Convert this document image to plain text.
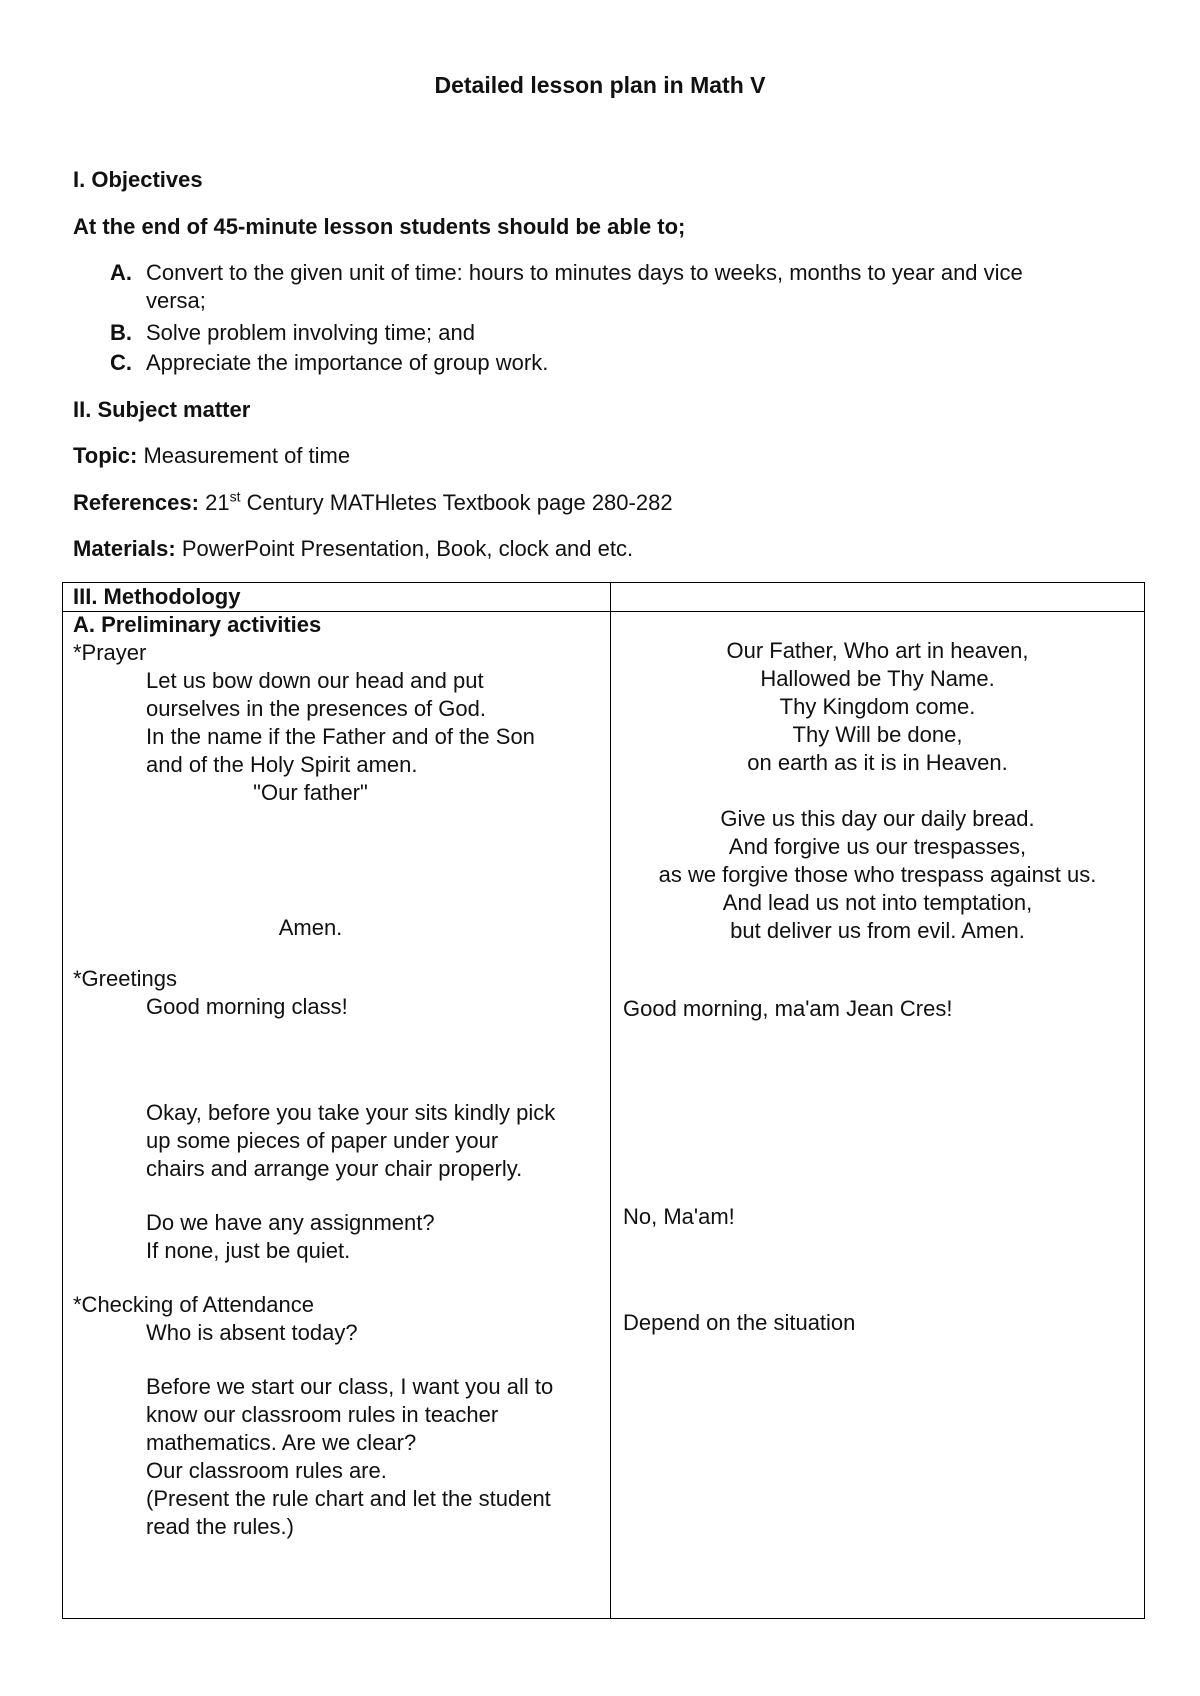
Detailed lesson plan in Math V
I. Objectives
At the end of 45-minute lesson students should be able to;
A. Convert to the given unit of time: hours to minutes days to weeks, months to year and vice
versa;
B. Solve problem involving time; and
C. Appreciate the importance of group work.
II. Subject matter
Topic: Measurement of time
References: 21st Century MATHletes Textbook page 280-282
Materials: PowerPoint Presentation, Book, clock and etc.
III. Methodology
A. Preliminary activities
*Prayer
Let us bow down our head and put
ourselves in the presences of God.
In the name if the Father and of the Son
and of the Holy Spirit amen.
"Our father"
Amen.
Our Father, Who art in heaven,
Hallowed be Thy Name.
Thy Kingdom come.
Thy Will be done,
on earth as it is in Heaven.
Give us this day our daily bread.
And forgive us our trespasses,
as we forgive those who trespass against us.
And lead us not into temptation,
but deliver us from evil. Amen.
*Greetings
Good morning class!	Good morning, ma'am Jean Cres!
Okay, before you take your sits kindly pick
up some pieces of paper under your
chairs and arrange your chair properly.
Do we have any assignment?
If none, just be quiet.
No, Ma'am!
*Checking of Attendance
Who is absent today?	Depend on the situation
Before we start our class, I want you all to
know our classroom rules in teacher
mathematics. Are we clear?
Our classroom rules are.
(Present the rule chart and let the student
read the rules.)
